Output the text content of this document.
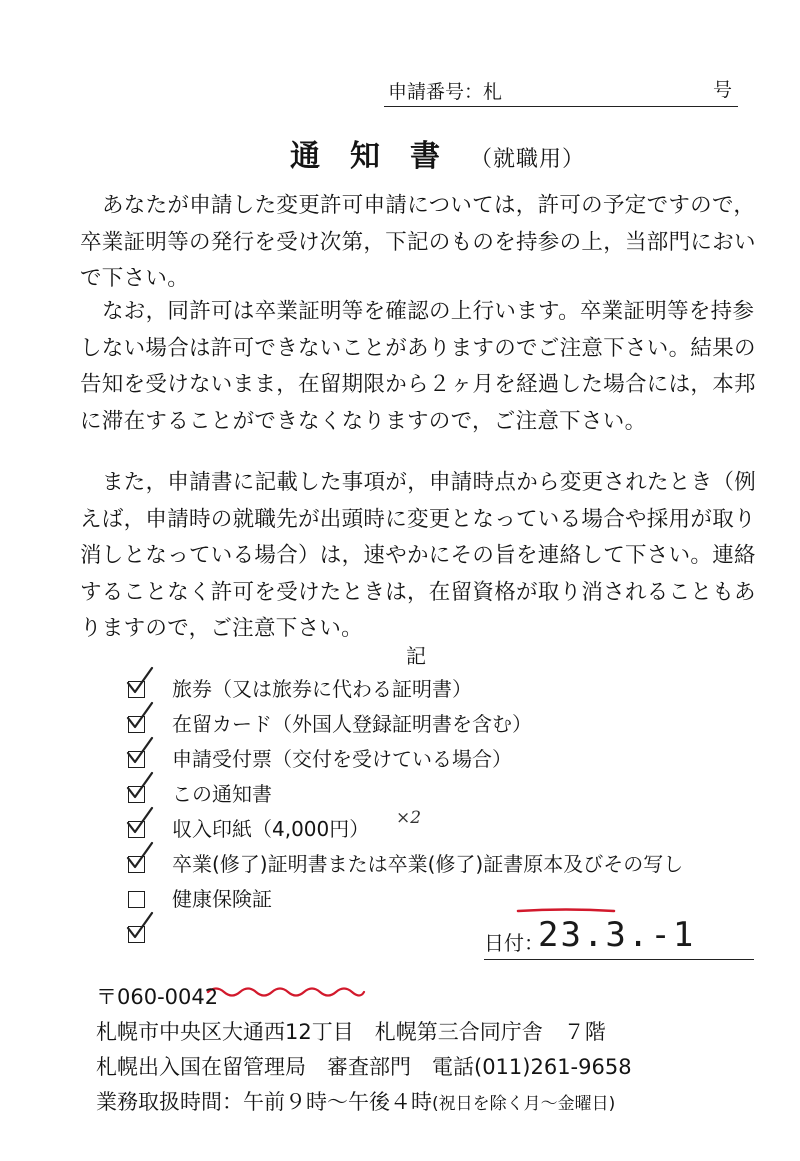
申請番号：札	号
通知書（就職用）

あなたが申請した変更許可申請については，許可の予定ですので，卒業証明等の発行を受け次第，下記のものを持参の上，当部門においで下さい。

なお，同許可は卒業証明等を確認の上行います。卒業証明等を持参しない場合は許可できないことがありますのでご注意下さい。結果の告知を受けないまま，在留期限から２ヶ月を経過した場合には，本邦に滞在することができなくなりますので，ご注意下さい。

また，申請書に記載した事項が，申請時点から変更されたとき（例えば，申請時の就職先が出頭時に変更となっている場合や採用が取り消しとなっている場合）は，速やかにその旨を連絡して下さい。連絡することなく許可を受けたときは，在留資格が取り消されることもありますので，ご注意下さい。

記
旅券（又は旅券に代わる証明書）
在留カード（外国人登録証明書を含む）
申請受付票（交付を受けている場合）
この通知書
収入印紙（4,000円） ×2
卒業(修了)証明書または卒業(修了)証書原本及びその写し
健康保険証
日付：
23.3.-1
〒060-0042
札幌市中央区大通西12丁目　札幌第三合同庁舎　７階
札幌出入国在留管理局　審査部門　電話(011)261-9658
業務取扱時間：午前９時～午後４時(祝日を除く月～金曜日)
